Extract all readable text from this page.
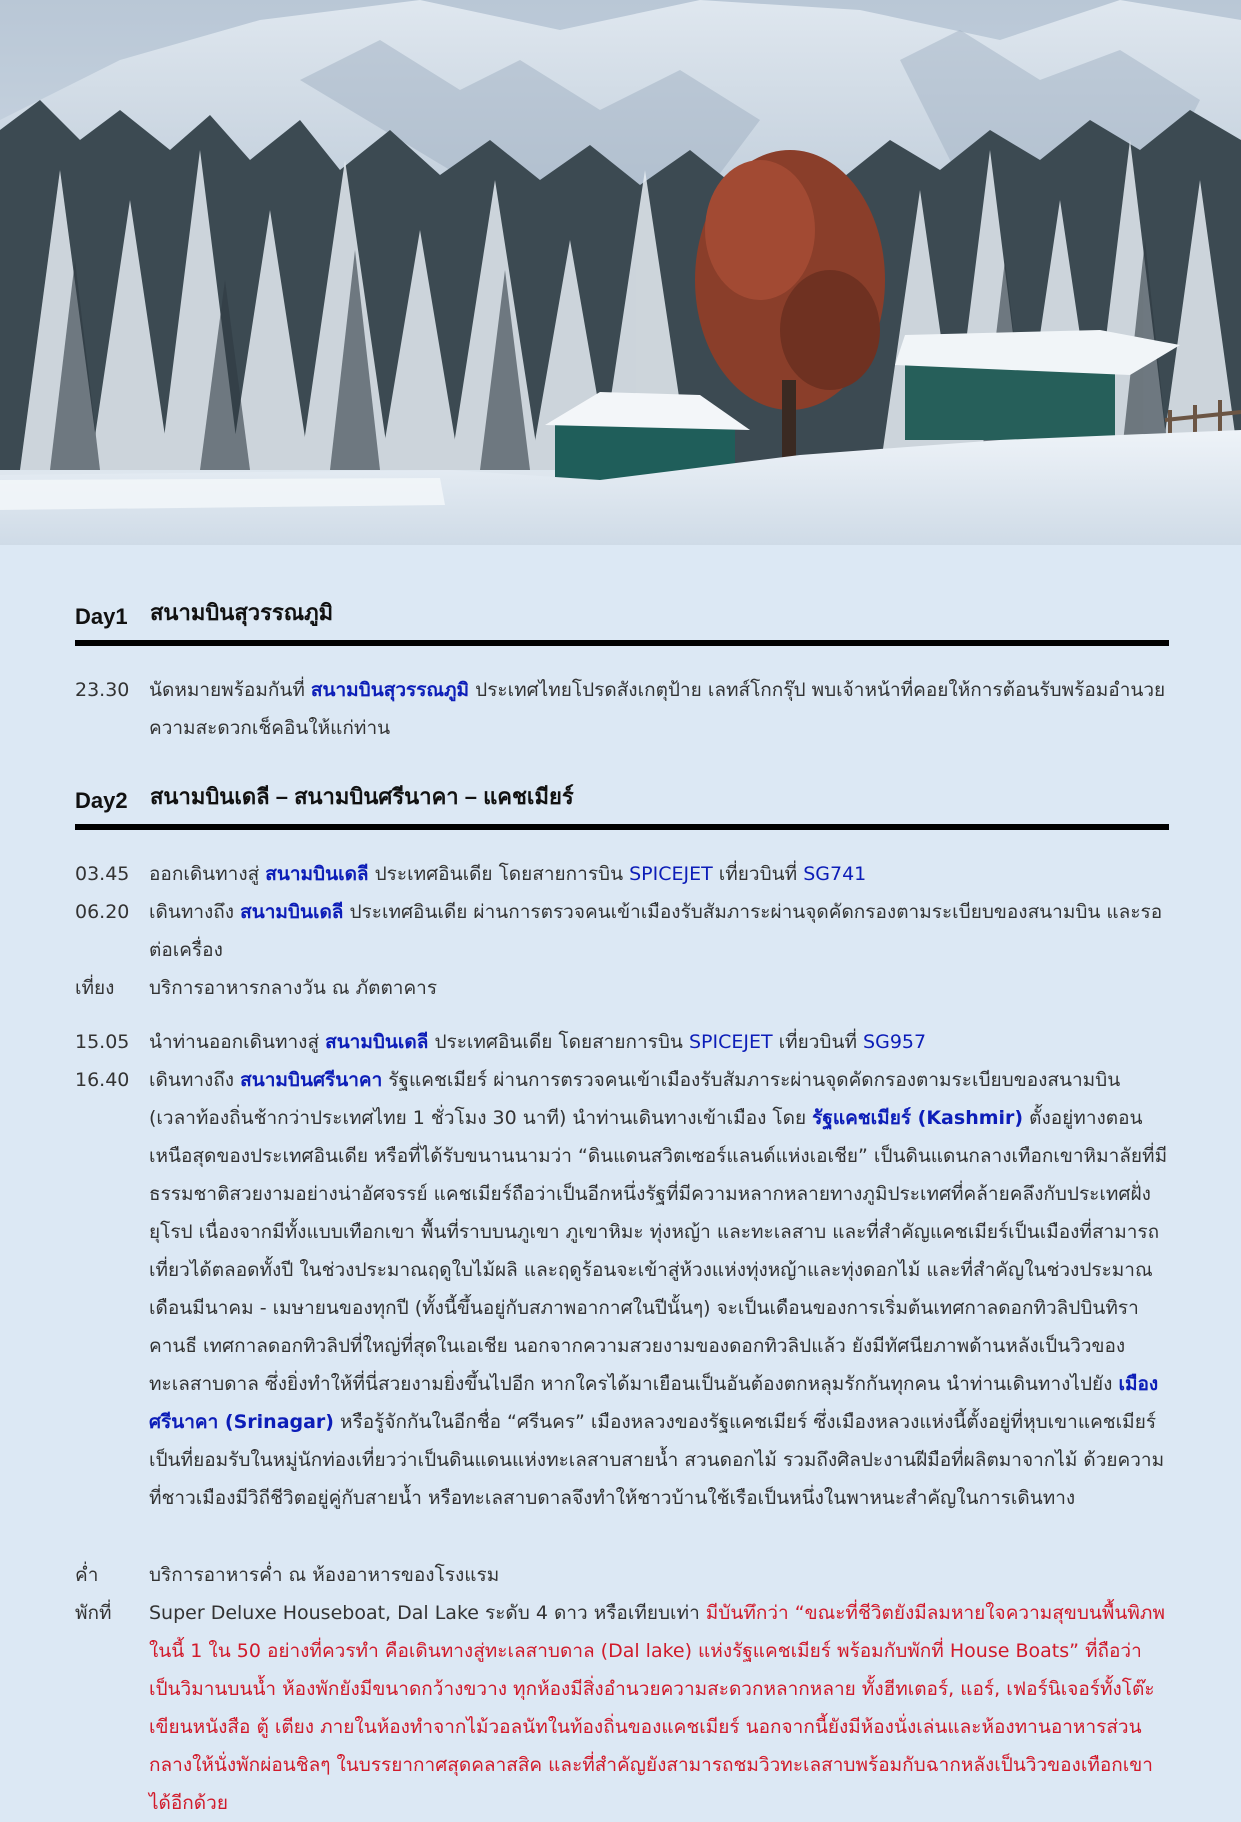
Day1	สนามบินสุวรรณภูมิ
23.30	นัดหมายพร้อมกันที่ สนามบินสุวรรณภูมิ ประเทศไทยโปรดสังเกตุป้าย เลทส์โกกรุ๊ป พบเจ้าหน้าที่คอยให้การต้อนรับพร้อมอำนวยความสะดวกเช็คอินให้แก่ท่าน
Day2	สนามบินเดลี – สนามบินศรีนาคา – แคชเมียร์
03.45	ออกเดินทางสู่ สนามบินเดลี ประเทศอินเดีย โดยสายการบิน SPICEJET เที่ยวบินที่ SG741
06.20	เดินทางถึง สนามบินเดลี ประเทศอินเดีย ผ่านการตรวจคนเข้าเมืองรับสัมภาระผ่านจุดคัดกรองตามระเบียบของสนามบิน และรอต่อเครื่อง
เที่ยง	บริการอาหารกลางวัน ณ ภัตตาคาร
15.05	นำท่านออกเดินทางสู่ สนามบินเดลี ประเทศอินเดีย โดยสายการบิน SPICEJET เที่ยวบินที่ SG957
16.40	เดินทางถึง สนามบินศรีนาคา รัฐแคชเมียร์ ผ่านการตรวจคนเข้าเมืองรับสัมภาระผ่านจุดคัดกรองตามระเบียบของสนามบิน (เวลาท้องถิ่นช้ากว่าประเทศไทย 1 ชั่วโมง 30 นาที) นำท่านเดินทางเข้าเมือง โดย รัฐแคชเมียร์ (Kashmir) ตั้งอยู่ทางตอนเหนือสุดของประเทศอินเดีย หรือที่ได้รับขนานนามว่า “ดินแดนสวิตเซอร์แลนด์แห่งเอเชีย” เป็นดินแดนกลางเทือกเขาหิมาลัยที่มีธรรมชาติสวยงามอย่างน่าอัศจรรย์ แคชเมียร์ถือว่าเป็นอีกหนึ่งรัฐที่มีความหลากหลายทางภูมิประเทศที่คล้ายคลึงกับประเทศฝั่งยุโรป เนื่องจากมีทั้งแบบเทือกเขา พื้นที่ราบบนภูเขา ภูเขาหิมะ ทุ่งหญ้า และทะเลสาบ และที่สำคัญแคชเมียร์เป็นเมืองที่สามารถเที่ยวได้ตลอดทั้งปี ในช่วงประมาณฤดูใบไม้ผลิ และฤดูร้อนจะเข้าสู่ห้วงแห่งทุ่งหญ้าและทุ่งดอกไม้ และที่สำคัญในช่วงประมาณเดือนมีนาคม - เมษายนของทุกปี (ทั้งนี้ขึ้นอยู่กับสภาพอากาศในปีนั้นๆ) จะเป็นเดือนของการเริ่มต้นเทศกาลดอกทิวลิปบินทิรา คานธี เทศกาลดอกทิวลิปที่ใหญ่ที่สุดในเอเชีย นอกจากความสวยงามของดอกทิวลิปแล้ว ยังมีทัศนียภาพด้านหลังเป็นวิวของทะเลสาบดาล ซึ่งยิ่งทำให้ที่นี่สวยงามยิ่งขึ้นไปอีก หากใครได้มาเยือนเป็นอันต้องตกหลุมรักกันทุกคน นำท่านเดินทางไปยัง เมืองศรีนาคา (Srinagar) หรือรู้จักกันในอีกชื่อ “ศรีนคร” เมืองหลวงของรัฐแคชเมียร์ ซึ่งเมืองหลวงแห่งนี้ตั้งอยู่ที่หุบเขาแคชเมียร์ เป็นที่ยอมรับในหมู่นักท่องเที่ยวว่าเป็นดินแดนแห่งทะเลสาบสายน้ำ สวนดอกไม้ รวมถึงศิลปะงานฝีมือที่ผลิตมาจากไม้ ด้วยความที่ชาวเมืองมีวิถีชีวิตอยู่คู่กับสายน้ำ หรือทะเลสาบดาลจึงทำให้ชาวบ้านใช้เรือเป็นหนึ่งในพาหนะสำคัญในการเดินทาง
ค่ำ	บริการอาหารค่ำ ณ ห้องอาหารของโรงแรม
พักที่	Super Deluxe Houseboat, Dal Lake ระดับ 4 ดาว หรือเทียบเท่า มีบันทึกว่า “ขณะที่ชีวิตยังมีลมหายใจความสุขบนพื้นพิภพในนี้ 1 ใน 50 อย่างที่ควรทำ คือเดินทางสู่ทะเลสาบดาล (Dal lake) แห่งรัฐแคชเมียร์ พร้อมกับพักที่ House Boats” ที่ถือว่าเป็นวิมานบนน้ำ ห้องพักยังมีขนาดกว้างขวาง ทุกห้องมีสิ่งอำนวยความสะดวกหลากหลาย ทั้งฮีทเตอร์, แอร์, เฟอร์นิเจอร์ทั้งโต๊ะเขียนหนังสือ ตู้ เตียง ภายในห้องทำจากไม้วอลนัทในท้องถิ่นของแคชเมียร์ นอกจากนี้ยังมีห้องนั่งเล่นและห้องทานอาหารส่วนกลางให้นั่งพักผ่อนชิลๆ ในบรรยากาศสุดคลาสสิค และที่สำคัญยังสามารถชมวิวทะเลสาบพร้อมกับฉากหลังเป็นวิวของเทือกเขาได้อีกด้วย
